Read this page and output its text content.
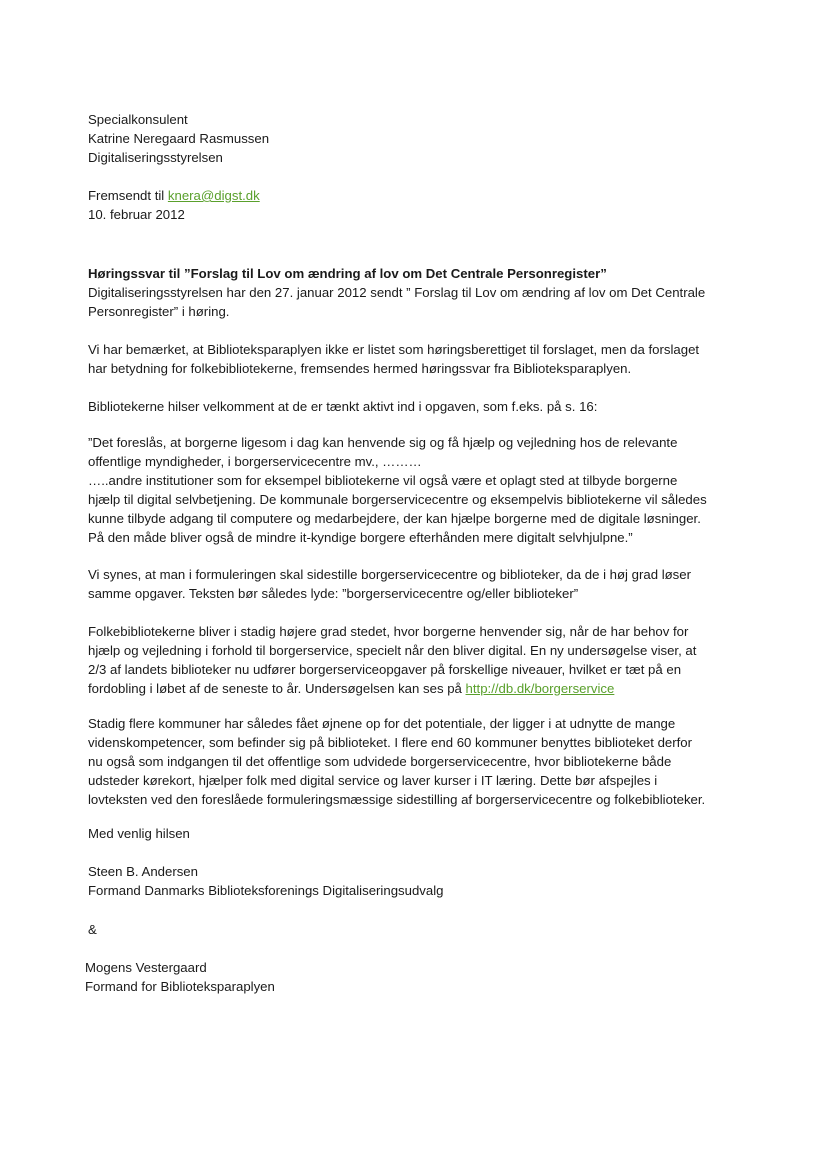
Specialkonsulent
Katrine Neregaard Rasmussen
Digitaliseringsstyrelsen
Fremsendt til knera@digst.dk
10. februar 2012
Høringssvar til ”Forslag til Lov om ændring af lov om Det Centrale Personregister”
Digitaliseringsstyrelsen har den 27. januar 2012 sendt ” Forslag til Lov om ændring af lov om Det Centrale
Personregister” i høring.
Vi har bemærket, at Biblioteksparaplyen ikke er listet som høringsberettiget til forslaget, men da forslaget
har betydning for folkebibliotekerne, fremsendes hermed høringssvar fra Biblioteksparaplyen.
Bibliotekerne hilser velkomment at de er tænkt aktivt ind i opgaven, som f.eks. på s. 16:
”Det foreslås, at borgerne ligesom i dag kan henvende sig og få hjælp og vejledning hos de relevante
offentlige myndigheder, i borgerservicecentre mv., ………
…..andre institutioner som for eksempel bibliotekerne vil også være et oplagt sted at tilbyde borgerne
hjælp til digital selvbetjening. De kommunale borgerservicecentre og eksempelvis bibliotekerne vil således
kunne tilbyde adgang til computere og medarbejdere, der kan hjælpe borgerne med de digitale løsninger.
På den måde bliver også de mindre it-kyndige borgere efterhånden mere digitalt selvhjulpne.”
Vi synes, at man i formuleringen skal sidestille borgerservicecentre og biblioteker, da de i høj grad løser
samme opgaver. Teksten bør således lyde: ”borgerservicecentre og/eller biblioteker”
Folkebibliotekerne bliver i stadig højere grad stedet, hvor borgerne henvender sig, når de har behov for
hjælp og vejledning i forhold til borgerservice, specielt når den bliver digital. En ny undersøgelse viser, at
2/3 af landets biblioteker nu udfører borgerserviceopgaver på forskellige niveauer, hvilket er tæt på en
fordobling i løbet af de seneste to år. Undersøgelsen kan ses på http://db.dk/borgerservice
Stadig flere kommuner har således fået øjnene op for det potentiale, der ligger i at udnytte de mange
videnskompetencer, som befinder sig på biblioteket. I flere end 60 kommuner benyttes biblioteket derfor
nu også som indgangen til det offentlige som udvidede borgerservicecentre, hvor bibliotekerne både
udsteder kørekort, hjælper folk med digital service og laver kurser i IT læring. Dette bør afspejles i
lovteksten ved den foreslåede formuleringsmæssige sidestilling af borgerservicecentre og folkebiblioteker.
Med venlig hilsen
Steen B. Andersen
Formand Danmarks Biblioteksforenings Digitaliseringsudvalg
&
Mogens Vestergaard
Formand for Biblioteksparaplyen
